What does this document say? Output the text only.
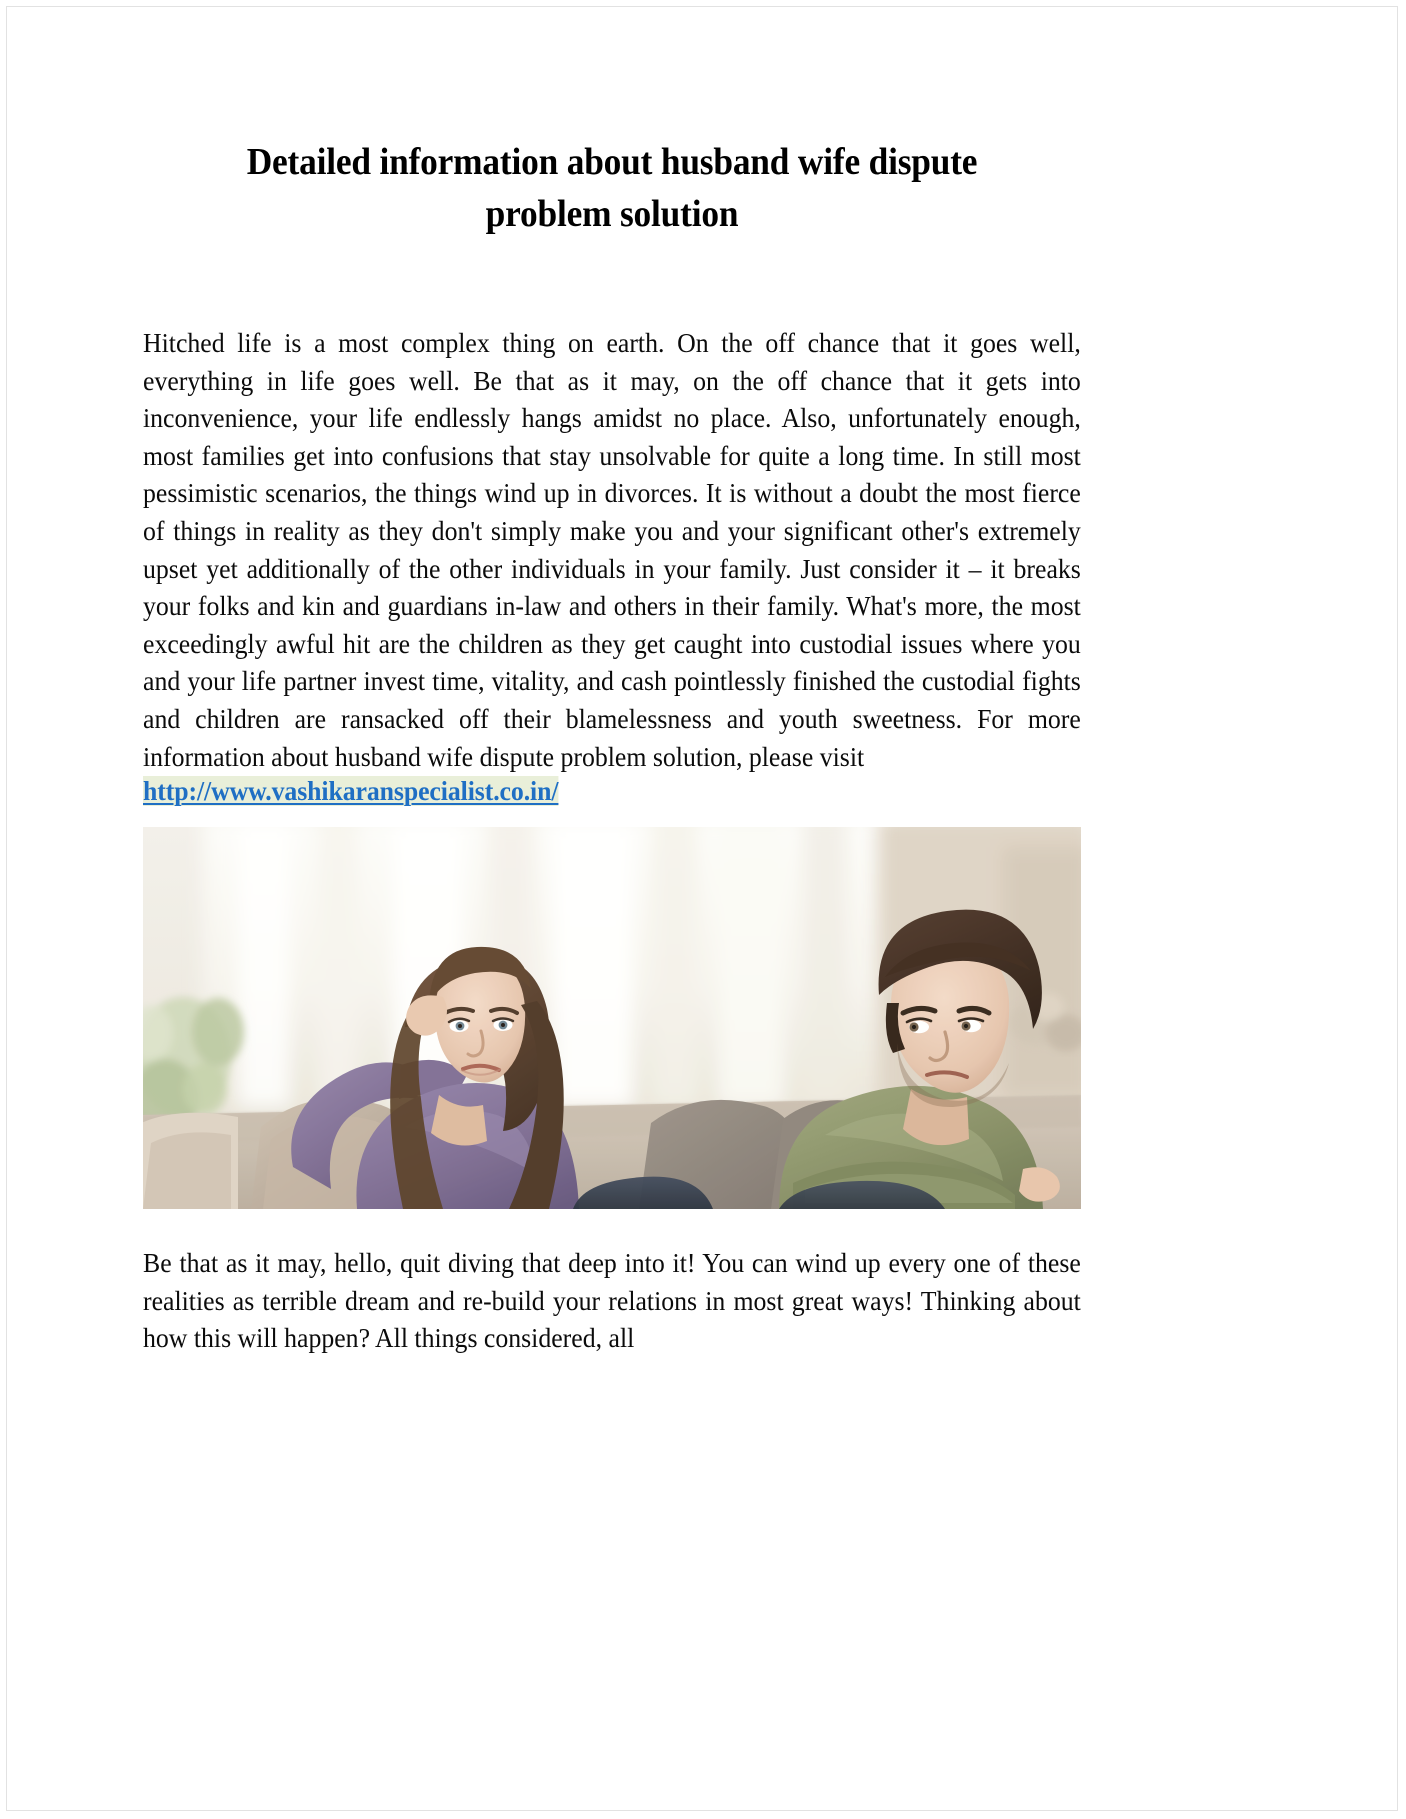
Detailed information about husband wife dispute
problem solution

Hitched life is a most complex thing on earth. On the off chance that it goes well, everything in life goes well. Be that as it may, on the off chance that it gets into inconvenience, your life endlessly hangs amidst no place. Also, unfortunately enough, most families get into confusions that stay unsolvable for quite a long time. In still most pessimistic scenarios, the things wind up in divorces. It is without a doubt the most fierce of things in reality as they don't simply make you and your significant other's extremely upset yet additionally of the other individuals in your family. Just consider it – it breaks your folks and kin and guardians in-law and others in their family. What's more, the most exceedingly awful hit are the children as they get caught into custodial issues where you and your life partner invest time, vitality, and cash pointlessly finished the custodial fights and children are ransacked off their blamelessness and youth sweetness. For more information about husband wife dispute problem solution, please visit

http://www.vashikaranspecialist.co.in/

Be that as it may, hello, quit diving that deep into it! You can wind up every one of these realities as terrible dream and re-build your relations in most great ways! Thinking about how this will happen? All things considered, all
